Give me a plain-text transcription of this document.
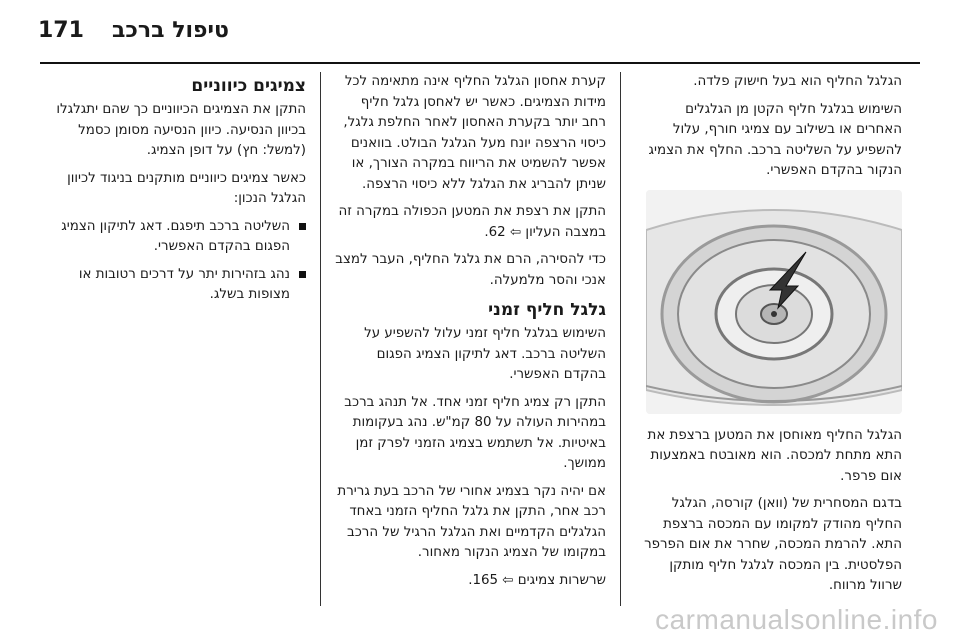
171 טיפול ברכב

הגלגל החליף הוא בעל חישוק פלדה.

השימוש בגלגל חליף הקטן מן הגלגלים האחרים או בשילוב עם צמיגי חורף, עלול להשפיע על השליטה ברכב. החלף את הצמיג הנקור בהקדם האפשרי.

הגלגל החליף מאוחסן את המטען ברצפת את התא מתחת למכסה. הוא מאובטח באמצעות אום פרפר.

בדגם המסחרית של (וואן) קורסה, הגלגל החליף מהודק למקומו עם המכסה ברצפת התא. להרמת המכסה, שחרר את אום הפרפר הפלסטית. בין המכסה לגלגל חליף מותקן שרוול מרווח.

קערת אחסון הגלגל החליף אינה מתאימה לכל מידות הצמיגים. כאשר יש לאחסן גלגל חליף רחב יותר בקערת האחסון לאחר החלפת גלגל, כיסוי הרצפה יונח מעל הגלגל הבולט. בוואנים אפשר להשמיט את הריווח במקרה הצורך, או שניתן להבריג את הגלגל ללא כיסוי הרצפה.

התקן את רצפת את המטען הכפולה במקרה זה במצבה העליון ⇦ 62.

כדי להסירה, הרם את גלגל החליף, העבר למצב אנכי והסר מלמעלה.

גלגל חליף זמני

השימוש בגלגל חליף זמני עלול להשפיע על השליטה ברכב. דאג לתיקון הצמיג הפגום בהקדם האפשרי.

התקן רק צמיג חליף זמני אחד. אל תנהג ברכב במהירות העולה על 80 קמ"ש. נהג בעקומות באיטיות. אל תשתמש בצמיג הזמני לפרק זמן ממושך.

אם יהיה נקר בצמיג אחורי של הרכב בעת גרירת רכב אחר, התקן את גלגל החליף הזמני באחד הגלגלים הקדמיים ואת הגלגל הרגיל של הרכב במקומו של הצמיג הנקור מאחור.

שרשרות צמיגים ⇦ 165.

צמיגים כיווניים

התקן את הצמיגים הכיווניים כך שהם יתגלגלו בכיוון הנסיעה. כיוון הנסיעה מסומן כסמל (למשל: חץ) על דופן הצמיג.

כאשר צמיגים כיווניים מותקנים בניגוד לכיוון הגלגל הנכון:

השליטה ברכב תיפגם. דאג לתיקון הצמיג הפגום בהקדם האפשרי.
נהג בזהירות יתר על דרכים רטובות או מצופות בשלג.
carmanualsonline.info
